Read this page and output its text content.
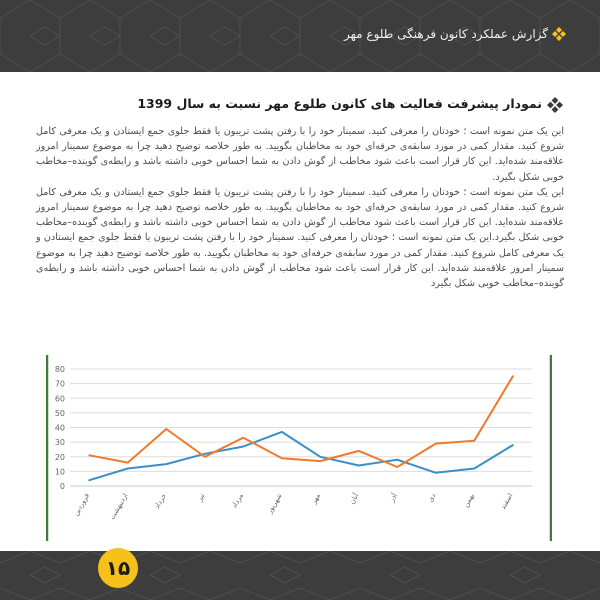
گزارش عملکرد کانون فرهنگی طلوع مهر
نمودار پیشرفت فعالیت های کانون طلوع مهر نسبت به سال 1399

این یک متن نمونه است ؛ خودتان را معرفی کنید. سمینار خود را با رفتن پشت تریبون یا فقط جلوی جمع ایستادن و یک معرفی کامل شروع کنید. مقدار کمی در مورد سابقه‌ی حرفه‌ای خود به مخاطبان بگویید. به طور خلاصه توضیح دهید چرا به موضوع سمینار امروز علاقه‌مند شده‌اید. این کار قرار است باعث شود مخاطب از گوش دادن به شما احساس خوبی داشته باشد و رابطه‌ی گوینده–مخاطب خوبی شکل بگیرد.

این یک متن نمونه است ؛ خودتان را معرفی کنید. سمینار خود را با رفتن پشت تریبون یا فقط جلوی جمع ایستادن و یک معرفی کامل شروع کنید. مقدار کمی در مورد سابقه‌ی حرفه‌ای خود به مخاطبان بگویید. به طور خلاصه توضیح دهید چرا به موضوع سمینار امروز علاقه‌مند شده‌اید. این کار قرار است باعث شود مخاطب از گوش دادن به شما احساس خوبی داشته باشد و رابطه‌ی گوینده–مخاطب خوبی شکل بگیرد.این یک متن نمونه است ؛ خودتان را معرفی کنید. سمینار خود را با رفتن پشت تریبون یا فقط جلوی جمع ایستادن و یک معرفی کامل شروع کنید. مقدار کمی در مورد سابقه‌ی حرفه‌ای خود به مخاطبان بگویید. به طور خلاصه توضیح دهید چرا به موضوع سمینار امروز علاقه‌مند شده‌اید. این کار قرار است باعث شود مخاطب از گوش دادن به شما احساس خوبی داشته باشد و رابطه‌ی گوینده–مخاطب خوبی شکل بگیرد

0
10
20
30
40
50
60
70
80
فروردین اردیبهشت	خرداد	تیر	مرداد	شهریور	مهر	آبان	آذر	دی	بهمن	اسفند
۱۵
